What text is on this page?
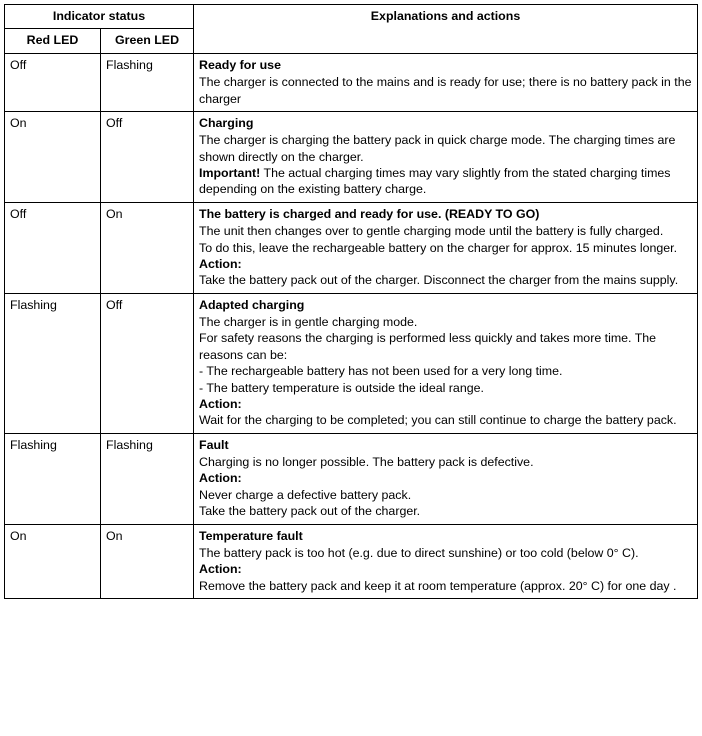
Indicator status		Explanations and actions
Red LED	Green LED	
Off	Flashing	Ready for use
The charger is connected to the mains and is ready for use; there is no battery pack in the charger

On	Off	Charging
The charger is charging the battery pack in quick charge mode. The charging times are shown directly on the charger.
Important! The actual charging times may vary slightly from the stated charging times depending on the existing battery charge.

Off	On	The battery is charged and ready for use. (READY TO GO)
The unit then changes over to gentle charging mode until the battery is fully charged.
To do this, leave the rechargeable battery on the charger for approx. 15 minutes longer.
Action:
Take the battery pack out of the charger. Disconnect the charger from the mains supply.

Flashing	Off	Adapted charging
The charger is in gentle charging mode.
For safety reasons the charging is performed less quickly and takes more time. The reasons can be:
- The rechargeable battery has not been used for a very long time.
- The battery temperature is outside the ideal range.
Action:
Wait for the charging to be completed; you can still continue to charge the battery pack.

Flashing	Flashing	Fault
Charging is no longer possible. The battery pack is defective.
Action:
Never charge a defective battery pack.
Take the battery pack out of the charger.

On	On	Temperature fault
The battery pack is too hot (e.g. due to direct sunshine) or too cold (below 0° C).
Action:
Remove the battery pack and keep it at room temperature (approx. 20° C) for one day .
